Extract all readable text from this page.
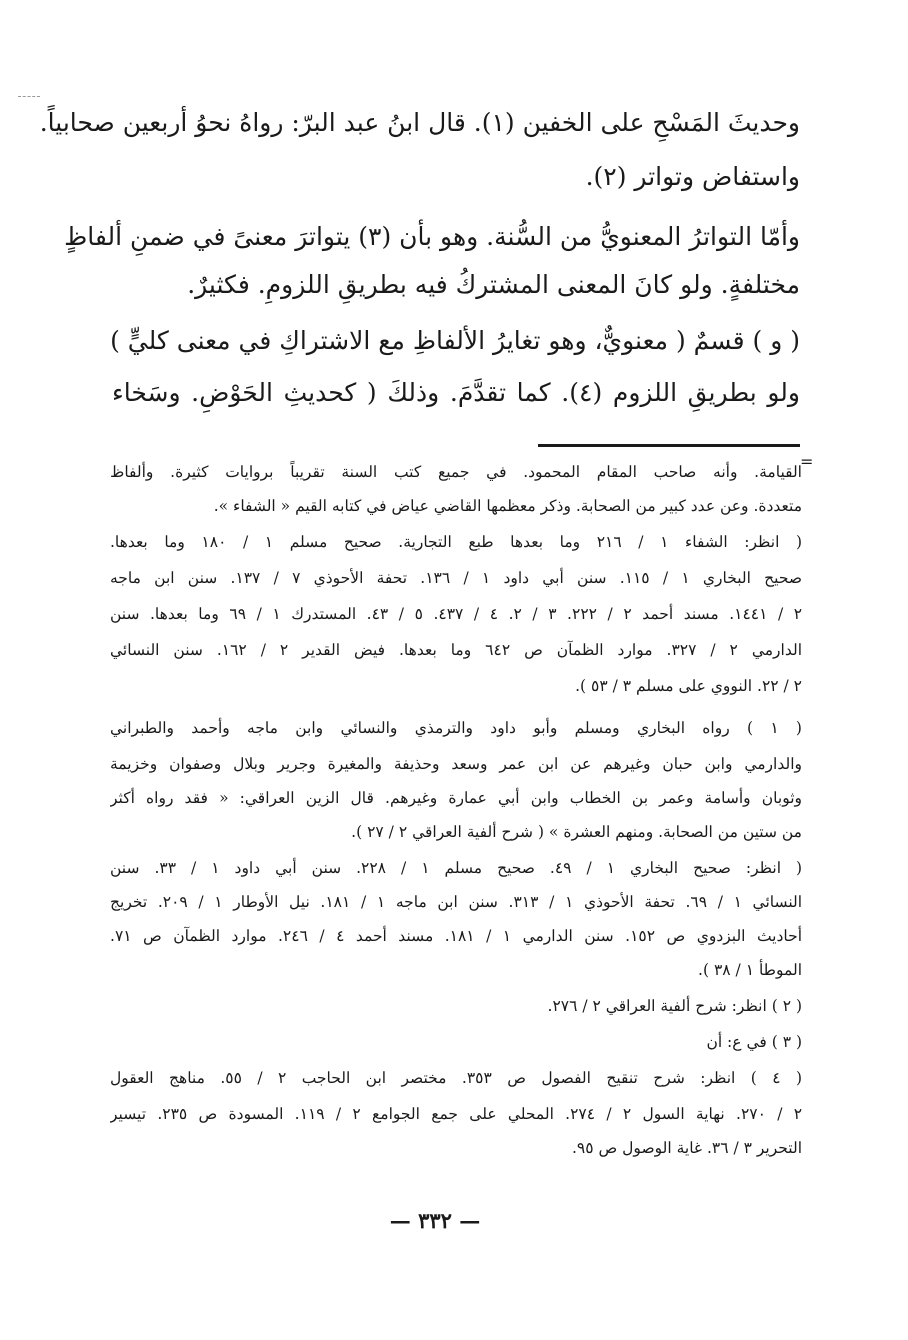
وحديثَ المَسْحِ على الخفين (١). قال ابنُ عبد البرّ: رواهُ نحوُ أربعين صحابياً.
واستفاض وتواتر (٢).
وأمّا التواترُ المعنويُّ من السُّنة. وهو بأن (٣) يتواترَ معنىً في ضمنِ ألفاظٍ
مختلفةٍ. ولو كانَ المعنى المشتركُ فيه بطريقِ اللزومِ. فكثيرٌ.
( و ) قسمٌ ( معنويٌّ، وهو تغايرُ الألفاظِ مع الاشتراكِ في معنى كليٍّ )
ولو بطريقِ اللزوم (٤). كما تقدَّمَ. وذلكَ ( كحديثِ الحَوْضِ. وسَخاء
=
القيامة. وأنه صاحب المقام المحمود. في جميع كتب السنة تقريباً بروايات كثيرة. وألفاظ
متعددة. وعن عدد كبير من الصحابة. وذكر معظمها القاضي عياض في كتابه القيم « الشفاء ».
( انظر: الشفاء ١ / ٢١٦ وما بعدها طبع التجارية. صحيح مسلم ١ / ١٨٠ وما بعدها.
صحيح البخاري ١ / ١١٥. سنن أبي داود ١ / ١٣٦. تحفة الأحوذي ٧ / ١٣٧. سنن ابن ماجه
٢ / ١٤٤١. مسند أحمد ٢ / ٢٢٢. ٣ / ٢. ٤ / ٤٣٧. ٥ / ٤٣. المستدرك ١ / ٦٩ وما بعدها. سنن
الدارمي ٢ / ٣٢٧. موارد الظمآن ص ٦٤٢ وما بعدها. فيض القدير ٢ / ١٦٢. سنن النسائي
٢ / ٢٢. النووي على مسلم ٣ / ٥٣ ).
( ١ ) رواه البخاري ومسلم وأبو داود والترمذي والنسائي وابن ماجه وأحمد والطبراني
والدارمي وابن حبان وغيرهم عن ابن عمر وسعد وحذيفة والمغيرة وجرير وبلال وصفوان وخزيمة
وثوبان وأسامة وعمر بن الخطاب وابن أبي عمارة وغيرهم. قال الزين العراقي: « فقد رواه أكثر
من ستين من الصحابة. ومنهم العشرة » ( شرح ألفية العراقي ٢ / ٢٧ ).
( انظر: صحيح البخاري ١ / ٤٩. صحيح مسلم ١ / ٢٢٨. سنن أبي داود ١ / ٣٣. سنن
النسائي ١ / ٦٩. تحفة الأحوذي ١ / ٣١٣. سنن ابن ماجه ١ / ١٨١. نيل الأوطار ١ / ٢٠٩. تخريج
أحاديث البزدوي ص ١٥٢. سنن الدارمي ١ / ١٨١. مسند أحمد ٤ / ٢٤٦. موارد الظمآن ص ٧١.
الموطأ ١ / ٣٨ ).
( ٢ ) انظر: شرح ألفية العراقي ٢ / ٢٧٦.
( ٣ ) في ع: أن
( ٤ ) انظر: شرح تنقيح الفصول ص ٣٥٣. مختصر ابن الحاجب ٢ / ٥٥. مناهج العقول
٢ / ٢٧٠. نهاية السول ٢ / ٢٧٤. المحلي على جمع الجوامع ٢ / ١١٩. المسودة ص ٢٣٥. تيسير
التحرير ٣ / ٣٦. غاية الوصول ص ٩٥.
— ٣٣٢ —
